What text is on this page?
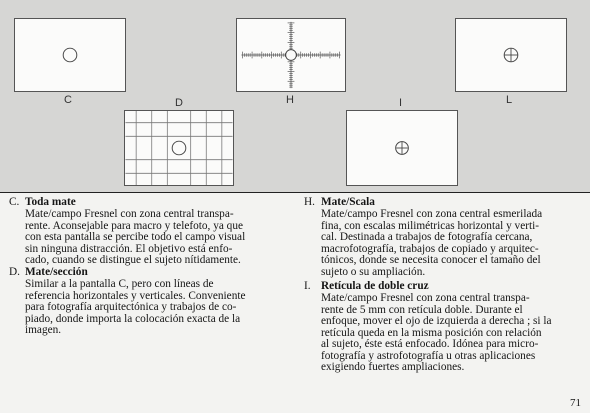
C	D	H	I	L
C. Toda mate
Mate/campo Fresnel con zona central transpa-
rente. Aconsejable para macro y telefoto, ya que
con esta pantalla se percibe todo el campo visual
sin ninguna distracción. El objetivo está enfo-
cado, cuando se distingue el sujeto nítidamente.
D. Mate/sección
Similar a la pantalla C, pero con líneas de
referencia horizontales y verticales. Conveniente
para fotografía arquitectónica y trabajos de co-
piado, donde importa la colocación exacta de la
imagen.
H. Mate/Scala
Mate/campo Fresnel con zona central esmerilada
fina, con escalas milimétricas horizontal y verti-
cal. Destinada a trabajos de fotografía cercana,
macrofotografía, trabajos de copiado y arquitec-
tónicos, donde se necesita conocer el tamaño del
sujeto o su ampliación.
I. Retícula de doble cruz
Mate/campo Fresnel con zona central transpa-
rente de 5 mm con retícula doble. Durante el
enfoque, mover el ojo de izquierda a derecha ; si la
retícula queda en la misma posición con relación
al sujeto, éste está enfocado. Idónea para micro-
fotografía y astrofotografía u otras aplicaciones
exigiendo fuertes ampliaciones.
71
